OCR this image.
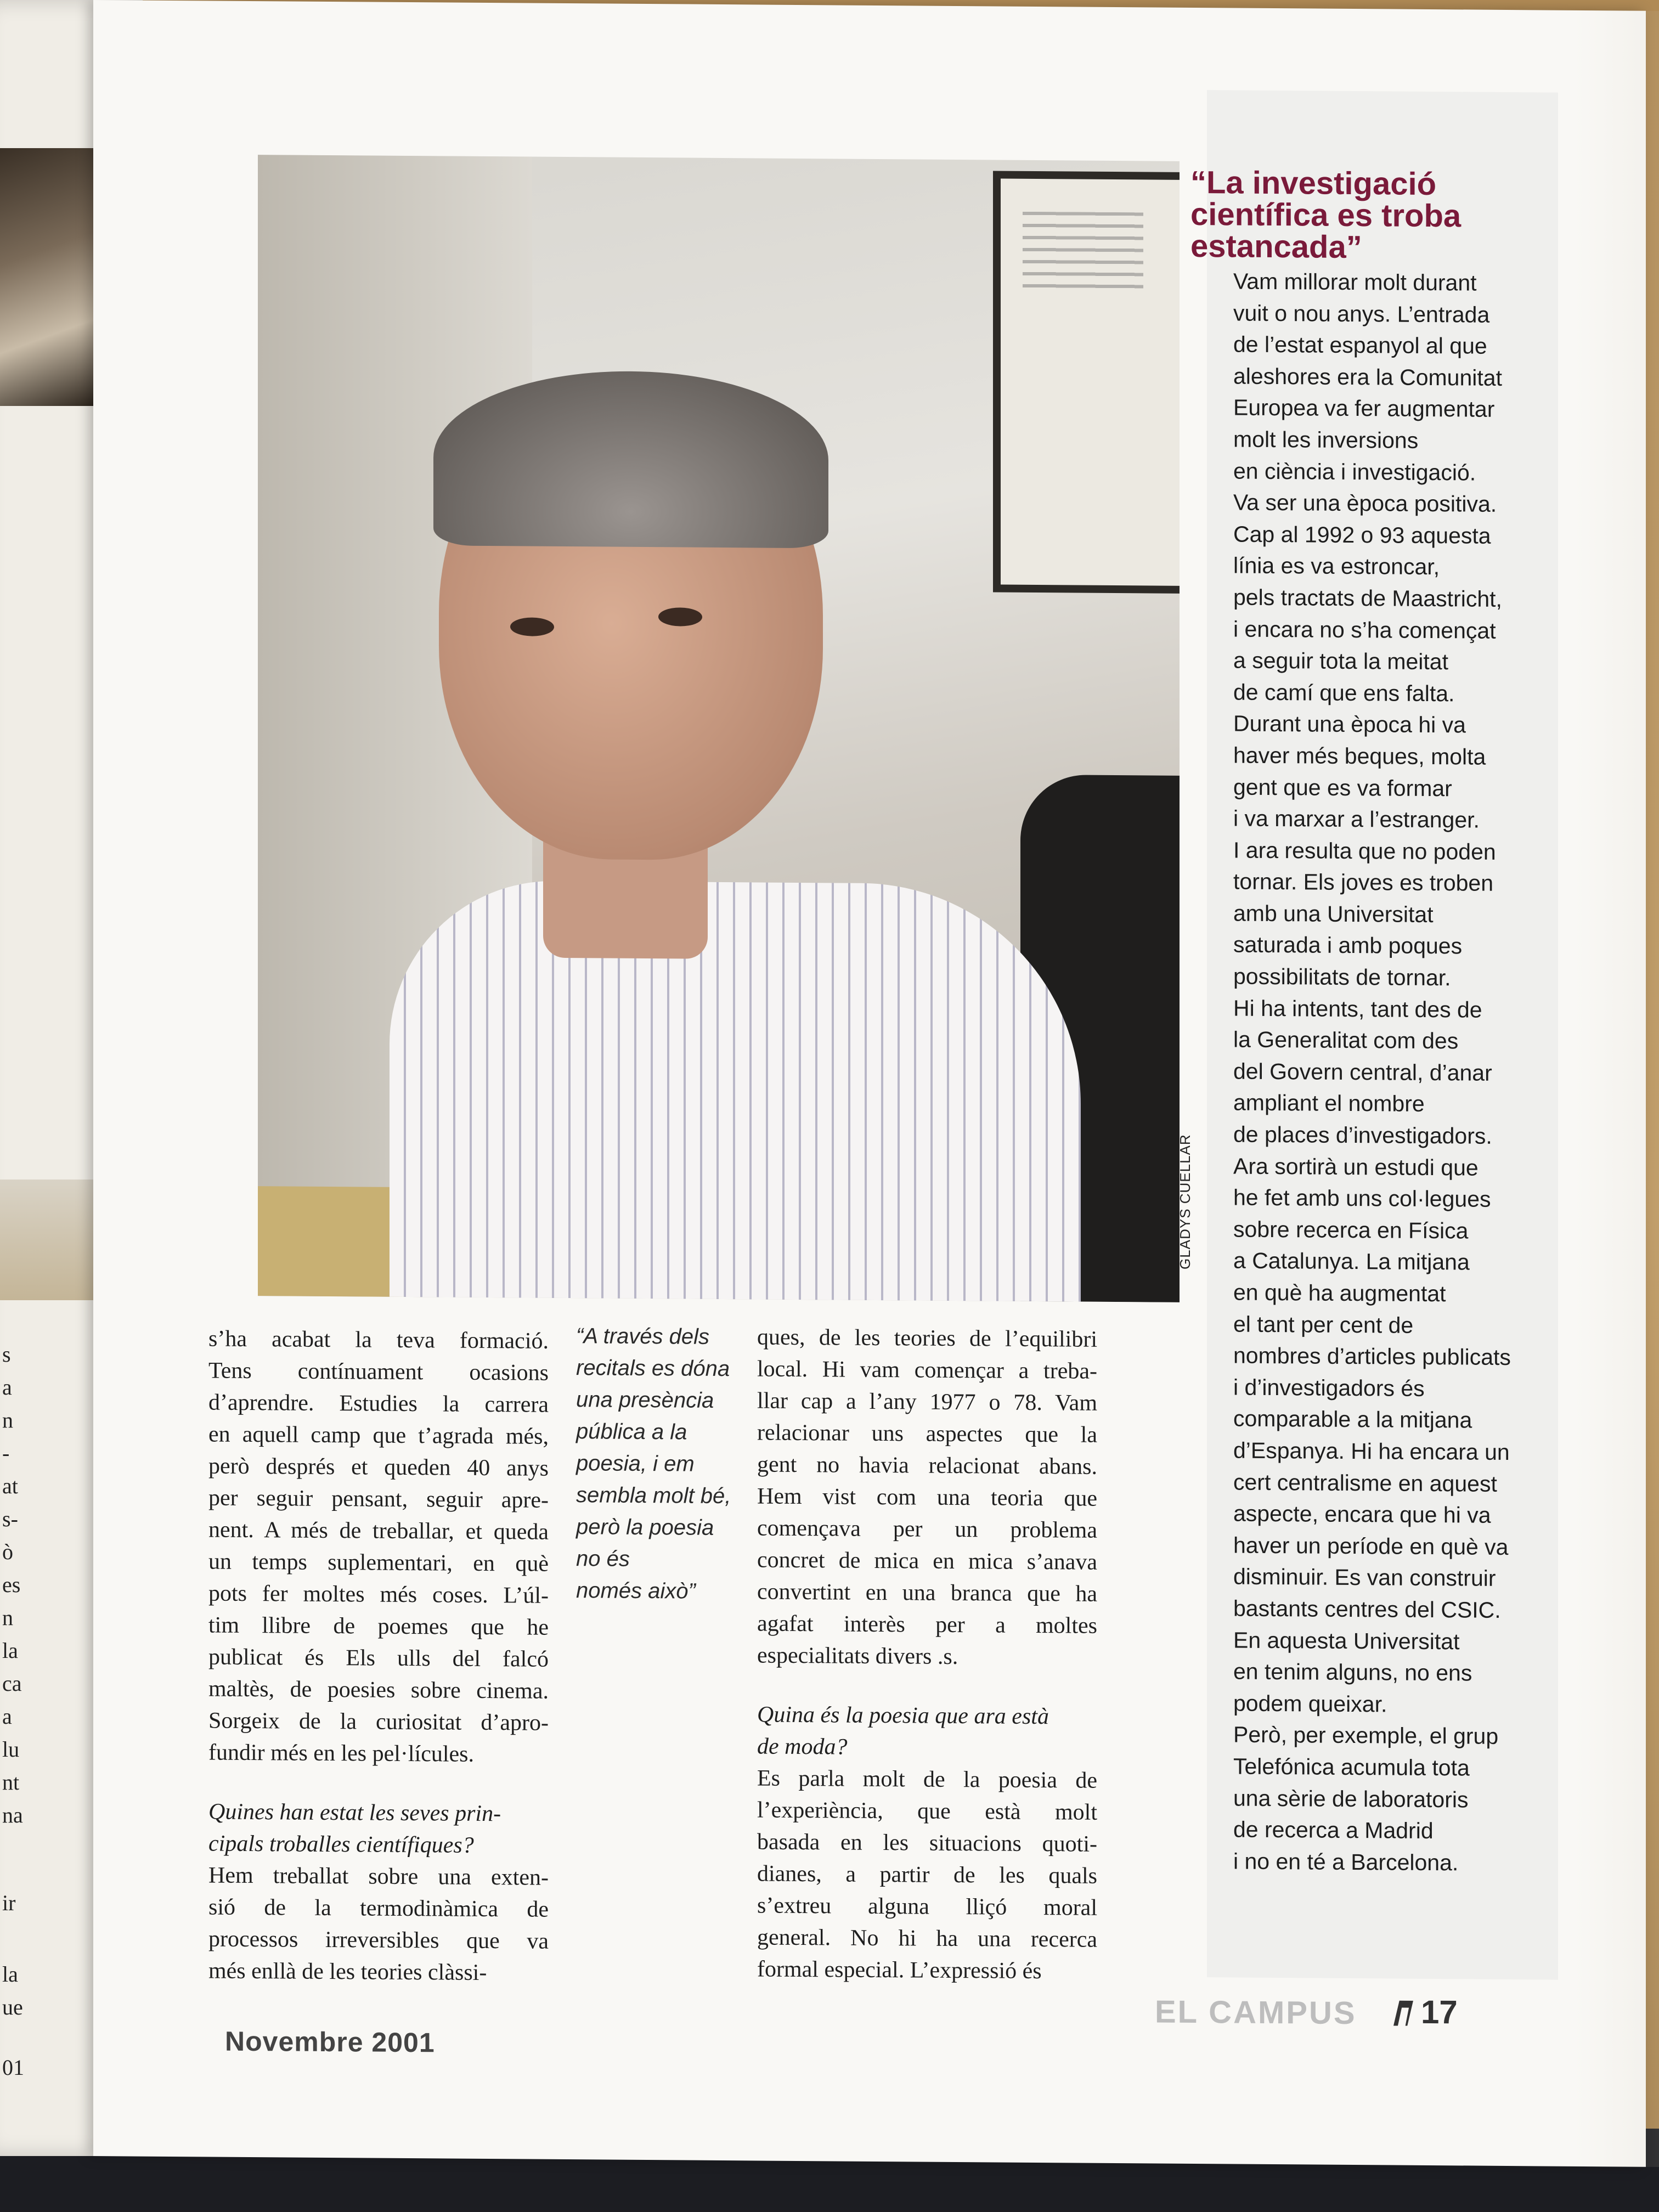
s
a
n
-
at
s-
ò
es
n
la
ca
a
lu
nt
na
ir
la
ue
01
GLADYS CUÉLLAR
“La investigació
científica es troba
estancada”
Vam millorar molt durant
vuit o nou anys. L’entrada
de l’estat espanyol al que
aleshores era la Comunitat
Europea va fer augmentar
molt les inversions
en ciència i investigació.
Va ser una època positiva.
Cap al 1992 o 93 aquesta
línia es va estroncar,
pels tractats de Maastricht,
i encara no s’ha començat
a seguir tota la meitat
de camí que ens falta.
Durant una època hi va
haver més beques, molta
gent que es va formar
i va marxar a l’estranger.
I ara resulta que no poden
tornar. Els joves es troben
amb una Universitat
saturada i amb poques
possibilitats de tornar.
Hi ha intents, tant des de
la Generalitat com des
del Govern central, d’anar
ampliant el nombre
de places d’investigadors.
Ara sortirà un estudi que
he fet amb uns col·legues
sobre recerca en Física
a Catalunya. La mitjana
en què ha augmentat
el tant per cent de
nombres d’articles publicats
i d’investigadors és
comparable a la mitjana
d’Espanya. Hi ha encara un
cert centralisme en aquest
aspecte, encara que hi va
haver un període en què va
disminuir. Es van construir
bastants centres del CSIC.
En aquesta Universitat
en tenim alguns, no ens
podem queixar.
Però, per exemple, el grup
Telefónica acumula tota
una sèrie de laboratoris
de recerca a Madrid
i no en té a Barcelona.
s’ha acabat la teva formació.
Tens contínuament ocasions
d’aprendre. Estudies la carrera
en aquell camp que t’agrada més,
però després et queden 40 anys
per seguir pensant, seguir apre-
nent. A més de treballar, et queda
un temps suplementari, en què
pots fer moltes més coses. L’úl-
tim llibre de poemes que he
publicat és Els ulls del falcó
maltès, de poesies sobre cinema.
Sorgeix de la curiositat d’apro-
fundir més en les pel·lícules.
Quines han estat les seves prin-
cipals troballes científiques?
Hem treballat sobre una exten-
sió de la termodinàmica de
processos irreversibles que va
més enllà de les teories clàssi-
“A través dels
recitals es dóna
una presència
pública a la
poesia, i em
sembla molt bé,
però la poesia
no és
només això”
ques, de les teories de l’equilibri
local. Hi vam començar a treba-
llar cap a l’any 1977 o 78. Vam
relacionar uns aspectes que la
gent no havia relacionat abans.
Hem vist com una teoria que
començava per un problema
concret de mica en mica s’anava
convertint en una branca que ha
agafat interès per a moltes
especialitats divers .s.
Quina és la poesia que ara està
de moda?
Es parla molt de la poesia de
l’experiència, que està molt
basada en les situacions quoti-
dianes, a partir de les quals
s’extreu alguna lliçó moral
general. No hi ha una recerca
formal especial. L’expressió és
Novembre 2001
EL CAMPUS 17
